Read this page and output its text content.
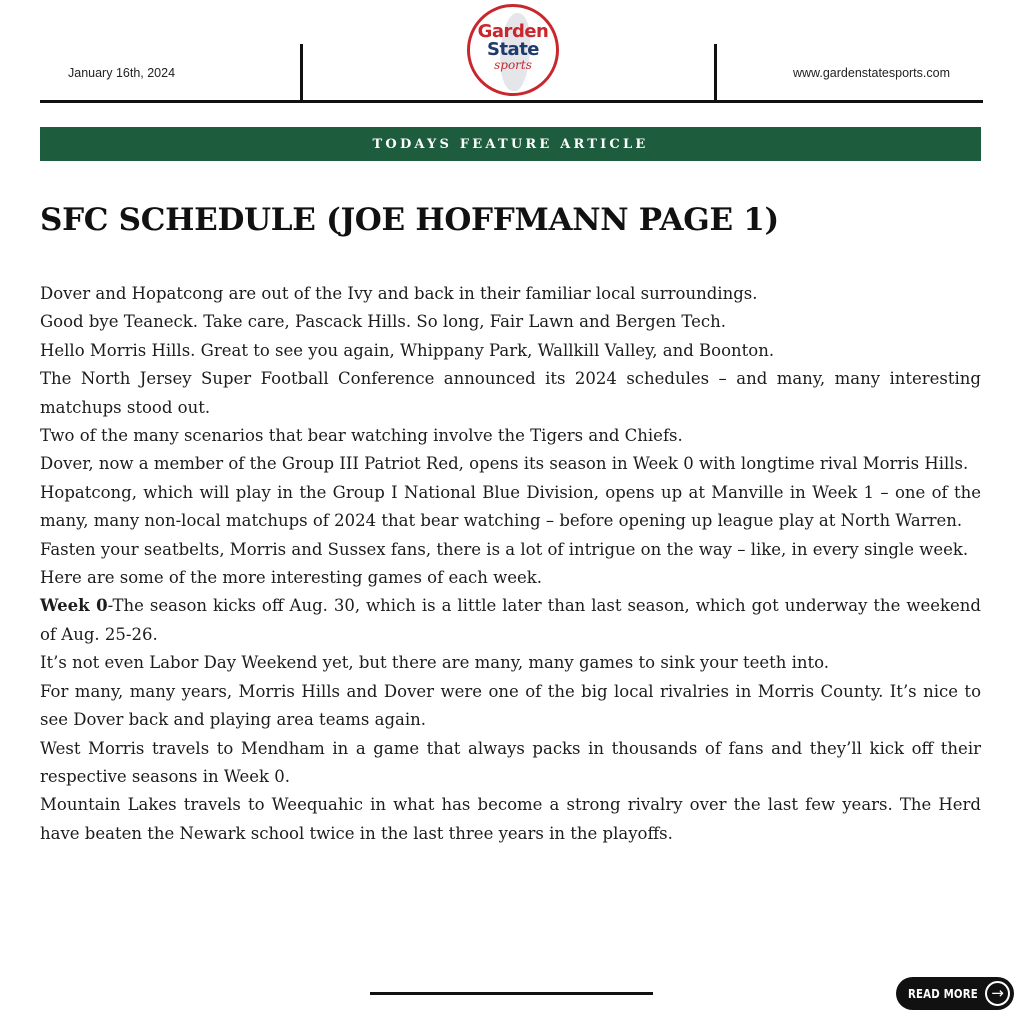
January 16th, 2024
Garden
State
sports
www.gardenstatesports.com
TODAYS FEATURE ARTICLE
SFC SCHEDULE (JOE HOFFMANN PAGE 1)

Dover and Hopatcong are out of the Ivy and back in their familiar local surroundings.

Good bye Teaneck. Take care, Pascack Hills. So long, Fair Lawn and Bergen Tech.

Hello Morris Hills. Great to see you again, Whippany Park, Wallkill Valley, and Boonton.

The North Jersey Super Football Conference announced its 2024 schedules – and many, many interesting matchups stood out.

Two of the many scenarios that bear watching involve the Tigers and Chiefs.

Dover, now a member of the Group III Patriot Red, opens its season in Week 0 with longtime rival Morris Hills.

Hopatcong, which will play in the Group I National Blue Division, opens up at Manville in Week 1 – one of the many, many non-local matchups of 2024 that bear watching – before opening up league play at North Warren.

Fasten your seatbelts, Morris and Sussex fans, there is a lot of intrigue on the way – like, in every single week.

Here are some of the more interesting games of each week.

Week 0-The season kicks off Aug. 30, which is a little later than last season, which got underway the weekend of Aug. 25-26.

It’s not even Labor Day Weekend yet, but there are many, many games to sink your teeth into.

For many, many years, Morris Hills and Dover were one of the big local rivalries in Morris County. It’s nice to see Dover back and playing area teams again.

West Morris travels to Mendham in a game that always packs in thousands of fans and they’ll kick off their respective seasons in Week 0.

Mountain Lakes travels to Weequahic in what has become a strong rivalry over the last few years. The Herd have beaten the Newark school twice in the last three years in the playoffs.

READ MORE →
